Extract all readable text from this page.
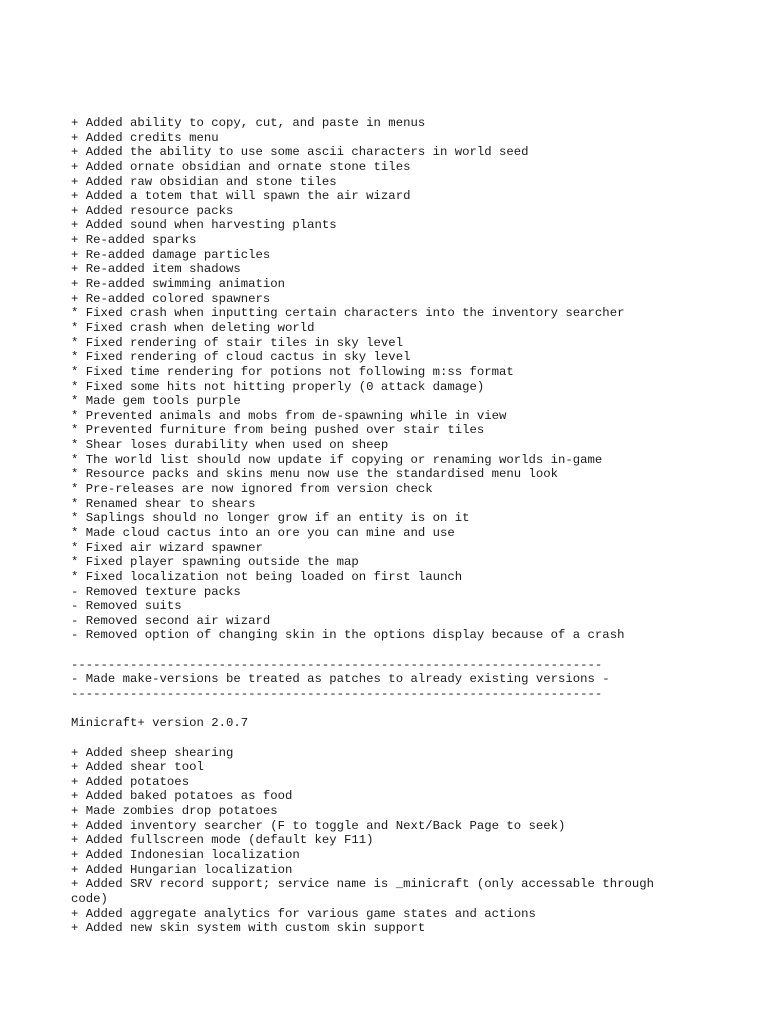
+ Added ability to copy, cut, and paste in menus
+ Added credits menu
+ Added the ability to use some ascii characters in world seed
+ Added ornate obsidian and ornate stone tiles
+ Added raw obsidian and stone tiles
+ Added a totem that will spawn the air wizard
+ Added resource packs
+ Added sound when harvesting plants
+ Re-added sparks
+ Re-added damage particles
+ Re-added item shadows
+ Re-added swimming animation
+ Re-added colored spawners
* Fixed crash when inputting certain characters into the inventory searcher
* Fixed crash when deleting world
* Fixed rendering of stair tiles in sky level
* Fixed rendering of cloud cactus in sky level
* Fixed time rendering for potions not following m:ss format
* Fixed some hits not hitting properly (0 attack damage)
* Made gem tools purple
* Prevented animals and mobs from de-spawning while in view
* Prevented furniture from being pushed over stair tiles
* Shear loses durability when used on sheep
* The world list should now update if copying or renaming worlds in-game
* Resource packs and skins menu now use the standardised menu look
* Pre-releases are now ignored from version check
* Renamed shear to shears
* Saplings should no longer grow if an entity is on it
* Made cloud cactus into an ore you can mine and use
* Fixed air wizard spawner
* Fixed player spawning outside the map
* Fixed localization not being loaded on first launch
- Removed texture packs
- Removed suits
- Removed second air wizard
- Removed option of changing skin in the options display because of a crash
------------------------------------------------------------------------
- Made make-versions be treated as patches to already existing versions -
------------------------------------------------------------------------
Minicraft+ version 2.0.7
+ Added sheep shearing
+ Added shear tool
+ Added potatoes
+ Added baked potatoes as food
+ Made zombies drop potatoes
+ Added inventory searcher (F to toggle and Next/Back Page to seek)
+ Added fullscreen mode (default key F11)
+ Added Indonesian localization
+ Added Hungarian localization
+ Added SRV record support; service name is _minicraft (only accessable through
code)
+ Added aggregate analytics for various game states and actions
+ Added new skin system with custom skin support
